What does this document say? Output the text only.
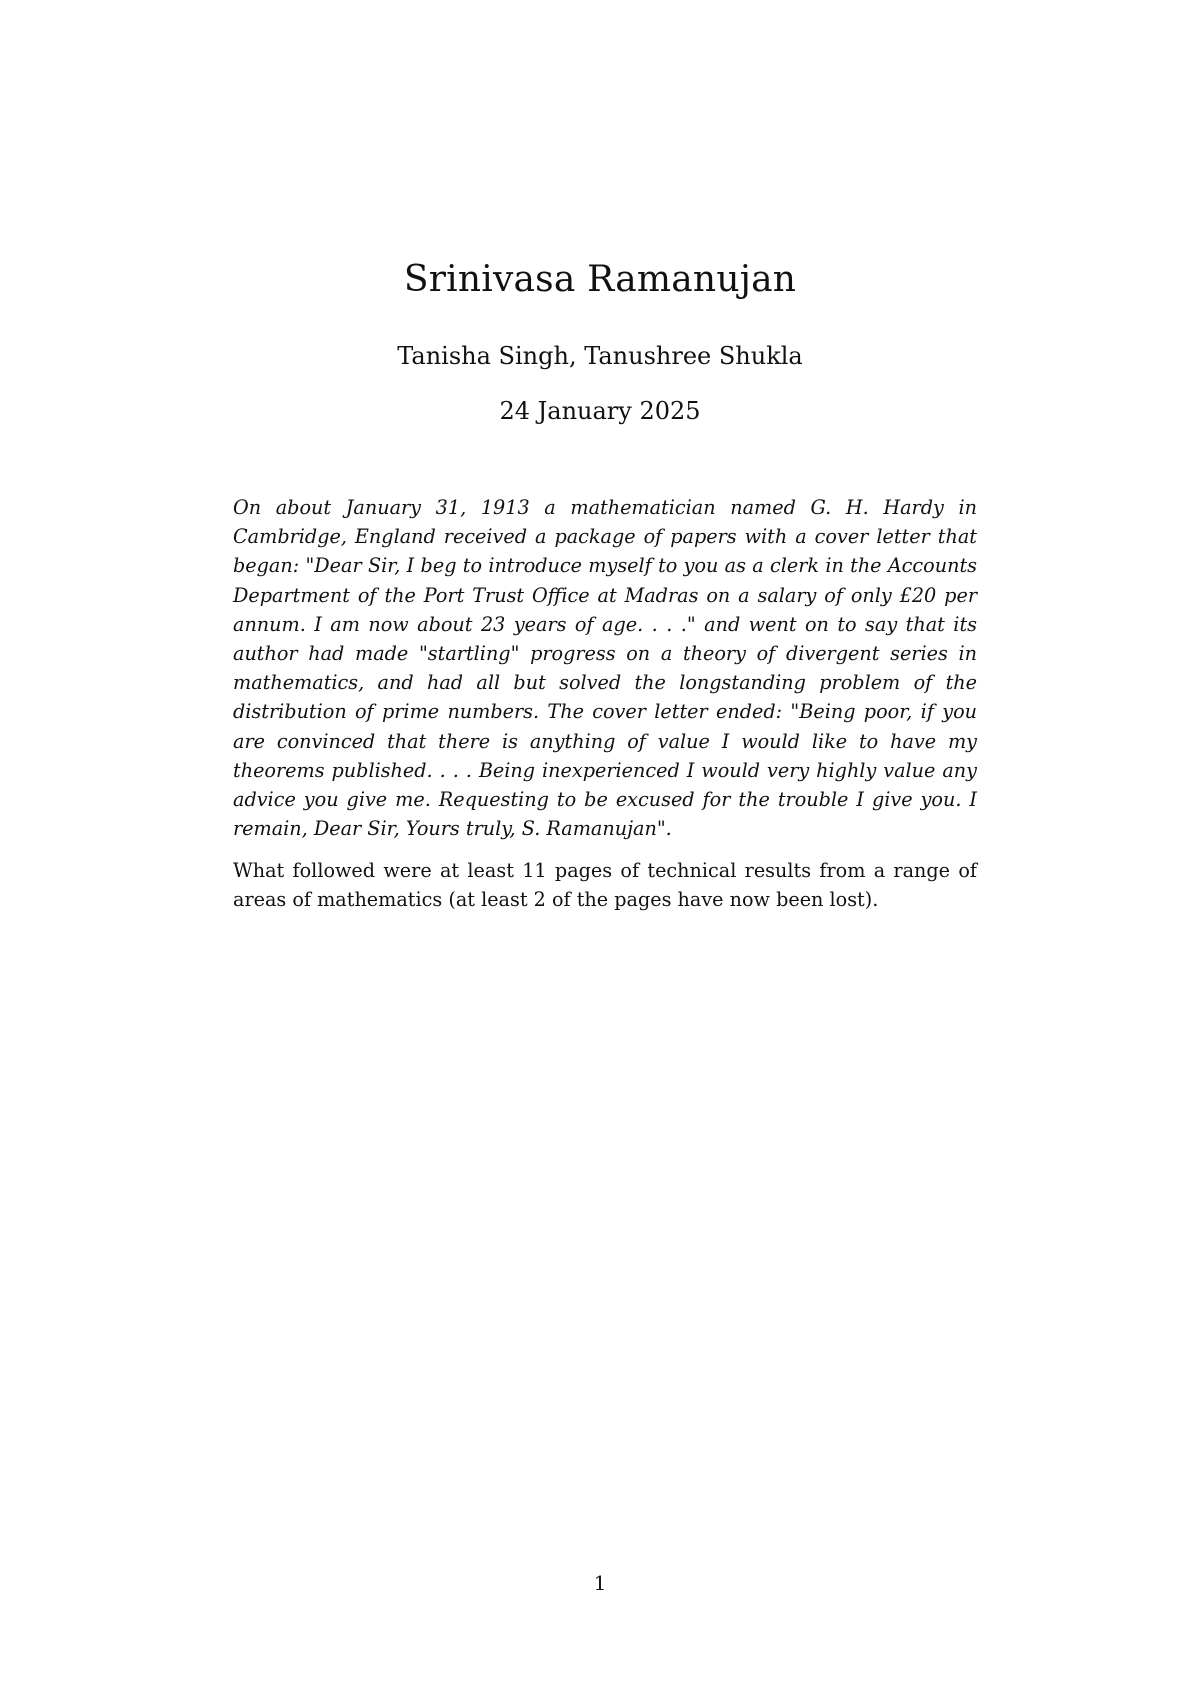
Srinivasa Ramanujan
Tanisha Singh, Tanushree Shukla
24 January 2025

On about January 31, 1913 a mathematician named G. H. Hardy in Cambridge, England received a package of papers with a cover letter that began: "Dear Sir, I beg to introduce myself to you as a clerk in the Accounts Department of the Port Trust Office at Madras on a salary of only £20 per annum. I am now about 23 years of age. . . ." and went on to say that its author had made "startling" progress on a theory of divergent series in mathematics, and had all but solved the longstanding problem of the distribution of prime numbers. The cover letter ended: "Being poor, if you are convinced that there is anything of value I would like to have my theorems published. . . . Being inexperienced I would very highly value any advice you give me. Requesting to be excused for the trouble I give you. I remain, Dear Sir, Yours truly, S. Ramanujan".

What followed were at least 11 pages of technical results from a range of areas of mathematics (at least 2 of the pages have now been lost).

1
